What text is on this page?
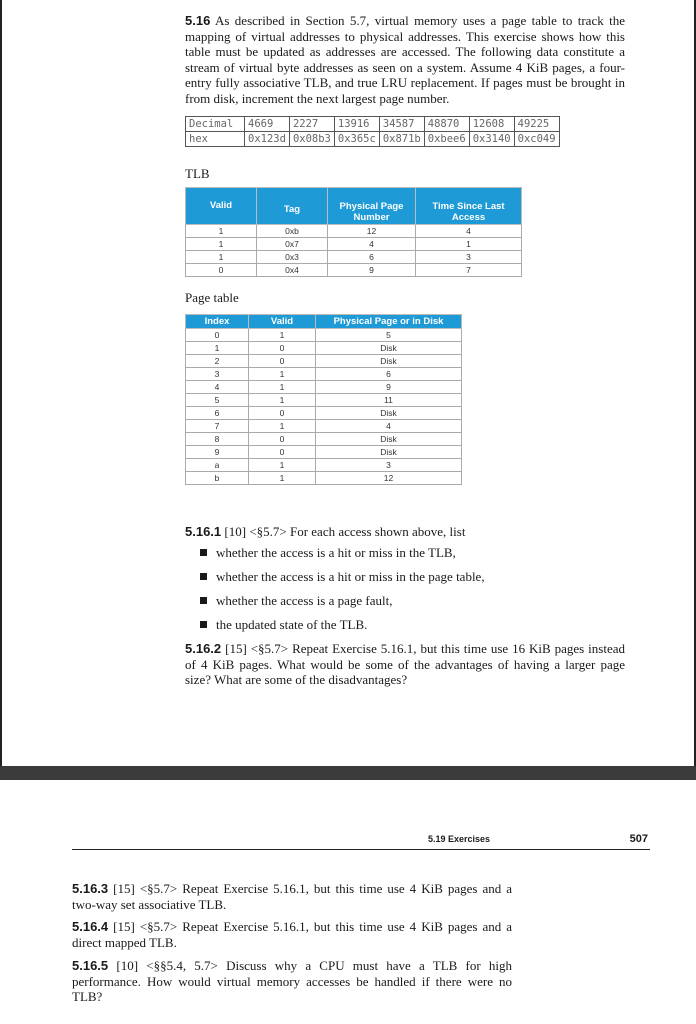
5.16 As described in Section 5.7, virtual memory uses a page table to track the mapping of virtual addresses to physical addresses. This exercise shows how this table must be updated as addresses are accessed. The following data constitute a stream of virtual byte addresses as seen on a system. Assume 4 KiB pages, a four-entry fully associative TLB, and true LRU replacement. If pages must be brought in from disk, increment the next largest page number.

Decimal	4669	2227	13916	34587	48870	12608	49225
hex	0x123d	0x08b3	0x365c	0x871b	0xbee6	0x3140	0xc049
TLB
Valid	Tag	Physical Page Number	Time Since Last Access
1	0xb	12	4
1	0x7	4	1
1	0x3	6	3
0	0x4	9	7
Page table
Index	Valid	Physical Page or in Disk
0	1	5
1	0	Disk
2	0	Disk
3	1	6
4	1	9
5	1	11
6	0	Disk
7	1	4
8	0	Disk
9	0	Disk
a	1	3
b	1	12

5.16.1 [10] <§5.7> For each access shown above, list

whether the access is a hit or miss in the TLB,
whether the access is a hit or miss in the page table,
whether the access is a page fault,
the updated state of the TLB.

5.16.2 [15] <§5.7> Repeat Exercise 5.16.1, but this time use 16 KiB pages instead of 4 KiB pages. What would be some of the advantages of having a larger page size? What are some of the disadvantages?

5.19 Exercises	507

5.16.3 [15] <§5.7> Repeat Exercise 5.16.1, but this time use 4 KiB pages and a two-way set associative TLB.

5.16.4 [15] <§5.7> Repeat Exercise 5.16.1, but this time use 4 KiB pages and a direct mapped TLB.

5.16.5 [10] <§§5.4, 5.7> Discuss why a CPU must have a TLB for high performance. How would virtual memory accesses be handled if there were no TLB?
